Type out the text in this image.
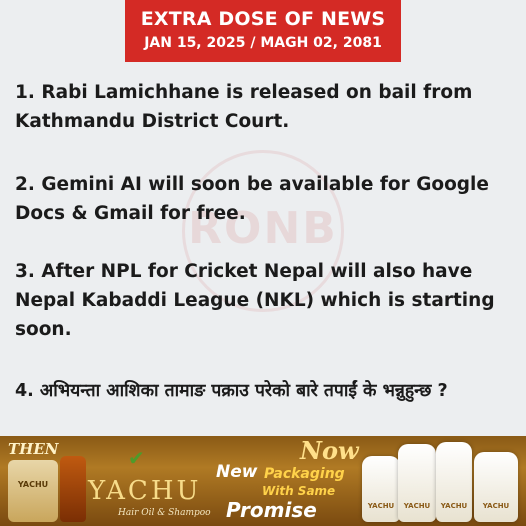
RONB
EXTRA DOSE OF NEWS
JAN 15, 2025 / MAGH 02, 2081
1. Rabi Lamichhane is released on bail from Kathmandu District Court.
2. Gemini AI will soon be available for Google Docs & Gmail for free.
3. After NPL for Cricket Nepal will also have Nepal Kabaddi League (NKL) which is starting soon.
4. अभियन्ता आशिका तामाङ पक्राउ परेको बारे तपाईं के भन्नुहुन्छ ?
THEN
YACHU
✔
YACHU
Hair Oil & Shampoo
Now
New Packaging
With Same
Promise	YACHU	YACHU	YACHU	YACHU
